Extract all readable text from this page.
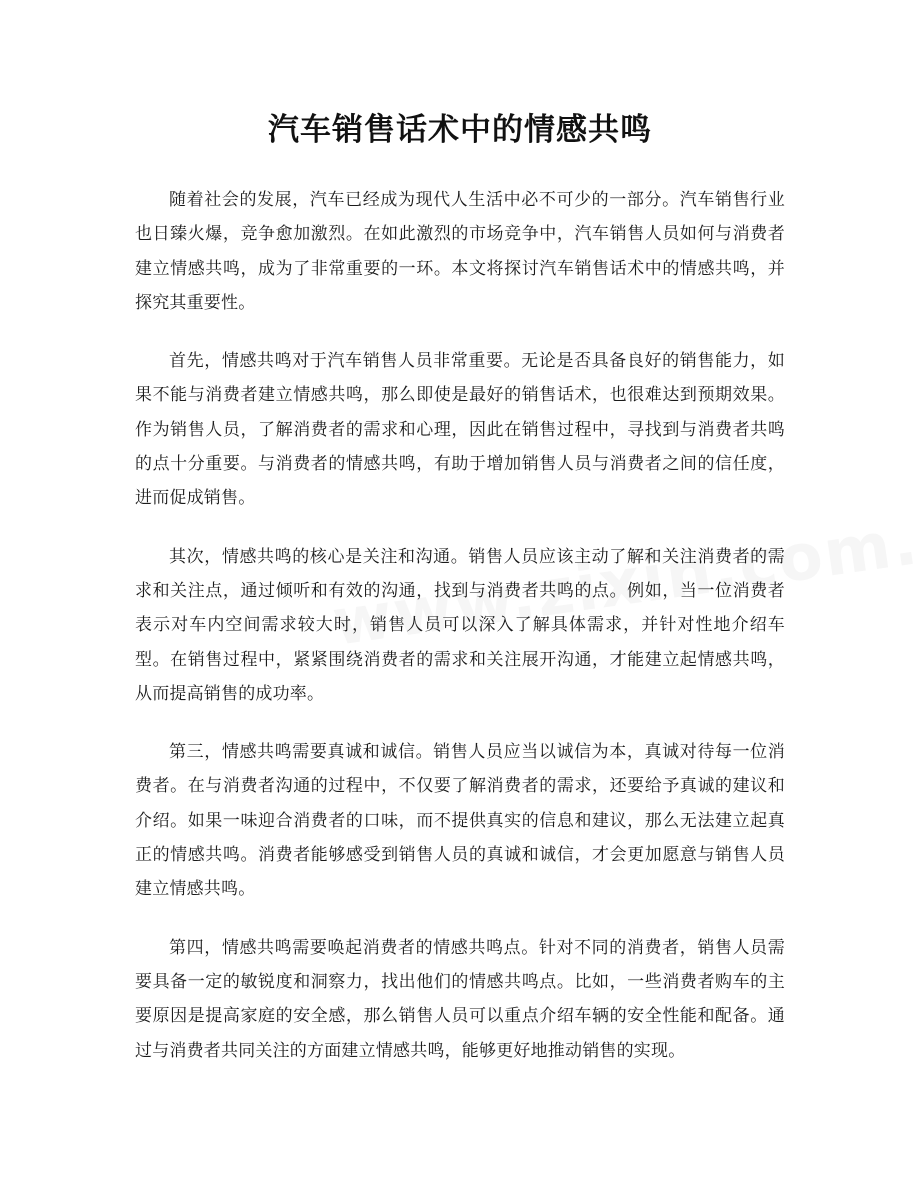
汽车销售话术中的情感共鸣

随着社会的发展，汽车已经成为现代人生活中必不可少的一部分。汽车销售行业也日臻火爆，竞争愈加激烈。在如此激烈的市场竞争中，汽车销售人员如何与消费者建立情感共鸣，成为了非常重要的一环。本文将探讨汽车销售话术中的情感共鸣，并探究其重要性。

首先，情感共鸣对于汽车销售人员非常重要。无论是否具备良好的销售能力，如果不能与消费者建立情感共鸣，那么即使是最好的销售话术，也很难达到预期效果。作为销售人员，了解消费者的需求和心理，因此在销售过程中，寻找到与消费者共鸣的点十分重要。与消费者的情感共鸣，有助于增加销售人员与消费者之间的信任度，进而促成销售。

其次，情感共鸣的核心是关注和沟通。销售人员应该主动了解和关注消费者的需求和关注点，通过倾听和有效的沟通，找到与消费者共鸣的点。例如，当一位消费者表示对车内空间需求较大时，销售人员可以深入了解具体需求，并针对性地介绍车型。在销售过程中，紧紧围绕消费者的需求和关注展开沟通，才能建立起情感共鸣，从而提高销售的成功率。

第三，情感共鸣需要真诚和诚信。销售人员应当以诚信为本，真诚对待每一位消费者。在与消费者沟通的过程中，不仅要了解消费者的需求，还要给予真诚的建议和介绍。如果一味迎合消费者的口味，而不提供真实的信息和建议，那么无法建立起真正的情感共鸣。消费者能够感受到销售人员的真诚和诚信，才会更加愿意与销售人员建立情感共鸣。

第四，情感共鸣需要唤起消费者的情感共鸣点。针对不同的消费者，销售人员需要具备一定的敏锐度和洞察力，找出他们的情感共鸣点。比如，一些消费者购车的主要原因是提高家庭的安全感，那么销售人员可以重点介绍车辆的安全性能和配备。通过与消费者共同关注的方面建立情感共鸣，能够更好地推动销售的实现。
